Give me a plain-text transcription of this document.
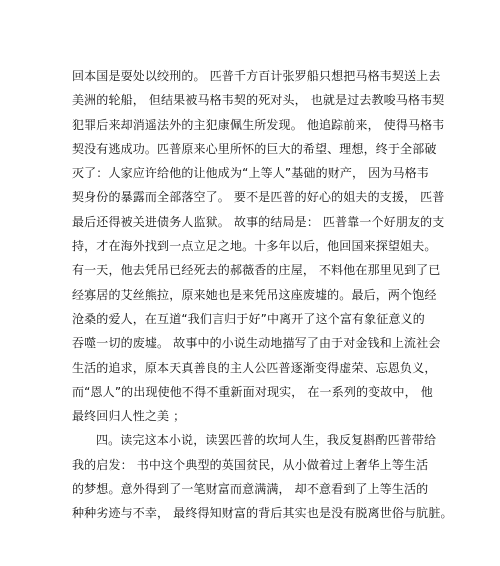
回本国是耍处以绞刑的。 匹普千方百计张罗船只想把马格韦契送上去
美洲的轮船， 但结果被马格韦契的死对头， 也就是过去教唆马格韦契
犯罪后来却消遥法外的主犯康佩生所发现。 他追踪前来， 使得马格韦
契没有逃成功。匹普原来心里所怀的巨大的希望、理想，终于全部破
灭了：人家应许给他的让他成为“上等人”基础的财产， 因为马格韦
契身份的暴露而全部落空了。 要不是匹普的好心的姐夫的支援， 匹普
最后还得被关进债务人监狱。 故事的结局是： 匹普靠一个好朋友的支
持，才在海外找到一点立足之地。十多年以后，他回国来探望姐夫。
有一天，他去凭吊已经死去的郝薇香的庄屋， 不料他在那里见到了已
经寡居的艾丝熊拉，原来她也是来凭吊这座废墟的。最后，两个饱经
沧桑的爱人，在互道“我们言归于好”中离开了这个富有象征意义的
吞噬一切的废墟。 故事中的小说生动地描写了由于对金钱和上流社会
生活的追求，原本天真善良的主人公匹普逐渐变得虚荣、忘恩负义，
而“恩人”的出现使他不得不重新面对现实， 在一系列的变故中， 他
最终回归人性之美 ；
四。读完这本小说，读罢匹普的坎坷人生，我反复斟酌匹普带给
我的启发： 书中这个典型的英国贫民，从小做着过上奢华上等生活
的梦想。意外得到了一笔财富而意满满， 却不意看到了上等生活的
种种劣迹与不幸， 最终得知财富的背后其实也是没有脱离世俗与肮脏。
